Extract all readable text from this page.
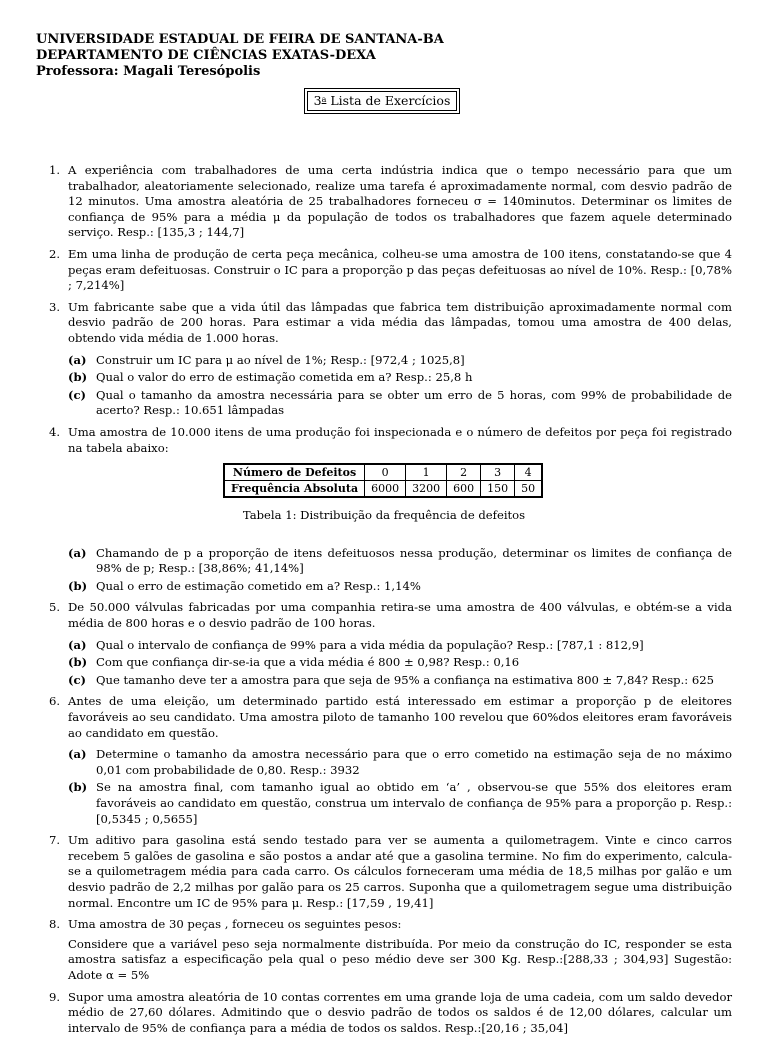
UNIVERSIDADE ESTADUAL DE FEIRA DE SANTANA-BA
DEPARTAMENTO DE CIÊNCIAS EXATAS-DEXA
Professora: Magali Teresópolis
3$^a$ Lista de Exercícios
1. A experiência com trabalhadores de uma certa indústria indica que o tempo necessário para que um trabalhador, aleatoriamente selecionado, realize uma tarefa é aproximadamente normal, com desvio padrão de 12 minutos. Uma amostra aleatória de 25 trabalhadores forneceu σ = 140minutos. Determinar os limites de confiança de 95% para a média μ da população de todos os trabalhadores que fazem aquele determinado serviço. Resp.: [135,3 ; 144,7]
2. Em uma linha de produção de certa peça mecânica, colheu-se uma amostra de 100 itens, constatando-se que 4 peças eram defeituosas. Construir o IC para a proporção p das peças defeituosas ao nível de 10%. Resp.: [0,78% ; 7,214%]
3. Um fabricante sabe que a vida útil das lâmpadas que fabrica tem distribuição aproximadamente normal com desvio padrão de 200 horas. Para estimar a vida média das lâmpadas, tomou uma amostra de 400 delas, obtendo vida média de 1.000 horas.
(a) Construir um IC para μ ao nível de 1%; Resp.: [972,4 ; 1025,8]
(b) Qual o valor do erro de estimação cometida em a? Resp.: 25,8 h
(c) Qual o tamanho da amostra necessária para se obter um erro de 5 horas, com 99% de probabilidade de acerto? Resp.: 10.651 lâmpadas
4. Uma amostra de 10.000 itens de uma produção foi inspecionada e o número de defeitos por peça foi registrado na tabela abaixo:
Número de Defeitos	0	1	2	3	4
Frequência Absoluta	6000	3200	600	150	50
Tabela 1: Distribuição da frequência de defeitos
(a) Chamando de p a proporção de itens defeituosos nessa produção, determinar os limites de confiança de 98% de p; Resp.: [38,86%; 41,14%]
(b) Qual o erro de estimação cometido em a? Resp.: 1,14%
5. De 50.000 válvulas fabricadas por uma companhia retira-se uma amostra de 400 válvulas, e obtém-se a vida média de 800 horas e o desvio padrão de 100 horas.
(a) Qual o intervalo de confiança de 99% para a vida média da população? Resp.: [787,1 : 812,9]
(b) Com que confiança dir-se-ia que a vida média é 800 ± 0,98? Resp.: 0,16
(c) Que tamanho deve ter a amostra para que seja de 95% a confiança na estimativa 800 ± 7,84? Resp.: 625
6. Antes de uma eleição, um determinado partido está interessado em estimar a proporção p de eleitores favoráveis ao seu candidato. Uma amostra piloto de tamanho 100 revelou que 60%dos eleitores eram favoráveis ao candidato em questão.
(a) Determine o tamanho da amostra necessário para que o erro cometido na estimação seja de no máximo 0,01 com probabilidade de 0,80. Resp.: 3932
(b) Se na amostra final, com tamanho igual ao obtido em ‘a’ , observou-se que 55% dos eleitores eram favoráveis ao candidato em questão, construa um intervalo de confiança de 95% para a proporção p. Resp.: [0,5345 ; 0,5655]
7. Um aditivo para gasolina está sendo testado para ver se aumenta a quilometragem. Vinte e cinco carros recebem 5 galões de gasolina e são postos a andar até que a gasolina termine. No fim do experimento, calcula-se a quilometragem média para cada carro. Os cálculos forneceram uma média de 18,5 milhas por galão e um desvio padrão de 2,2 milhas por galão para os 25 carros. Suponha que a quilometragem segue uma distribuição normal. Encontre um IC de 95% para μ. Resp.: [17,59 , 19,41]
8. Uma amostra de 30 peças , forneceu os seguintes pesos:
Considere que a variável peso seja normalmente distribuída. Por meio da construção do IC, responder se esta amostra satisfaz a especificação pela qual o peso médio deve ser 300 Kg. Resp.:[288,33 ; 304,93] Sugestão: Adote α = 5%
9. Supor uma amostra aleatória de 10 contas correntes em uma grande loja de uma cadeia, com um saldo devedor médio de 27,60 dólares. Admitindo que o desvio padrão de todos os saldos é de 12,00 dólares, calcular um intervalo de 95% de confiança para a média de todos os saldos. Resp.:[20,16 ; 35,04]
